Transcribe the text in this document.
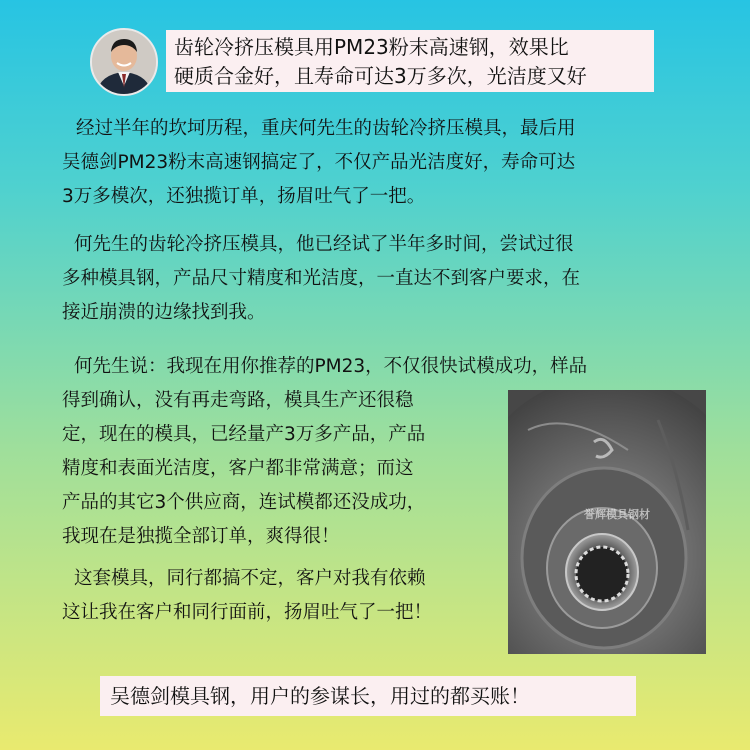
齿轮冷挤压模具用PM23粉末高速钢，效果比
硬质合金好，且寿命可达3万多次，光洁度又好
经过半年的坎坷历程，重庆何先生的齿轮冷挤压模具，最后用
吴德剑PM23粉末高速钢搞定了，不仅产品光洁度好，寿命可达
3万多模次，还独揽订单，扬眉吐气了一把。
何先生的齿轮冷挤压模具，他已经试了半年多时间，尝试过很
多种模具钢，产品尺寸精度和光洁度，一直达不到客户要求，在
接近崩溃的边缘找到我。
何先生说：我现在用你推荐的PM23，不仅很快试模成功，样品
得到确认，没有再走弯路，模具生产还很稳
定，现在的模具，已经量产3万多产品，产品
精度和表面光洁度，客户都非常满意；而这
产品的其它3个供应商，连试模都还没成功，
我现在是独揽全部订单，爽得很！
这套模具，同行都搞不定，客户对我有依赖
这让我在客户和同行面前，扬眉吐气了一把！
誉辉模具钢材
吴德剑模具钢，用户的参谋长，用过的都买账！
